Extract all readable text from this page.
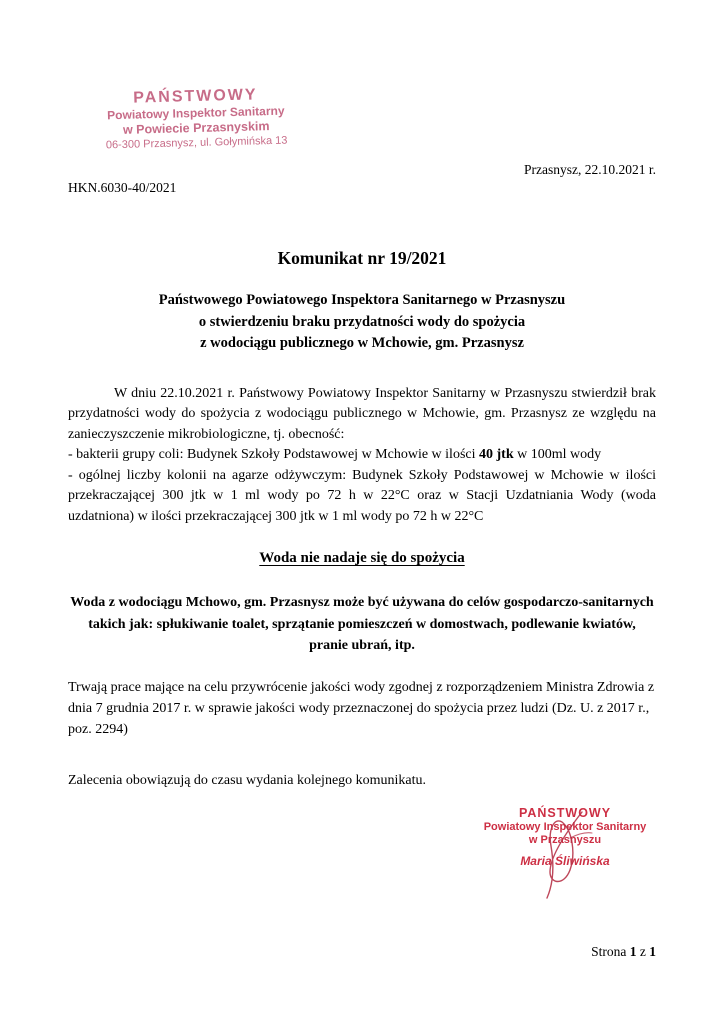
PAŃSTWOWY
Powiatowy Inspektor Sanitarny
w Powiecie Przasnyskim
06-300 Przasnysz, ul. Gołymińska 13
Przasnysz, 22.10.2021 r.
HKN.6030-40/2021
Komunikat nr 19/2021
Państwowego Powiatowego Inspektora Sanitarnego w Przasnyszu
o stwierdzeniu braku przydatności wody do spożycia
z wodociągu publicznego w Mchowie, gm. Przasnysz

W dniu 22.10.2021 r. Państwowy Powiatowy Inspektor Sanitarny w Przasnyszu stwierdził brak przydatności wody do spożycia z wodociągu publicznego w Mchowie, gm. Przasnysz ze względu na zanieczyszczenie mikrobiologiczne, tj. obecność:

- bakterii grupy coli: Budynek Szkoły Podstawowej w Mchowie w ilości 40 jtk w 100ml wody

- ogólnej liczby kolonii na agarze odżywczym: Budynek Szkoły Podstawowej w Mchowie w ilości przekraczającej 300 jtk w 1 ml wody po 72 h w 22°C oraz w Stacji Uzdatniania Wody (woda uzdatniona) w ilości przekraczającej 300 jtk w 1 ml wody po 72 h w 22°C

Woda nie nadaje się do spożycia
Woda z wodociągu Mchowo, gm. Przasnysz może być używana do celów gospodarczo-sanitarnych takich jak: spłukiwanie toalet, sprzątanie pomieszczeń w domostwach, podlewanie kwiatów, pranie ubrań, itp.
Trwają prace mające na celu przywrócenie jakości wody zgodnej z rozporządzeniem Ministra Zdrowia z dnia 7 grudnia 2017 r. w sprawie jakości wody przeznaczonej do spożycia przez ludzi (Dz. U. z 2017 r., poz. 2294)
Zalecenia obowiązują do czasu wydania kolejnego komunikatu.
PAŃSTWOWY
Powiatowy Inspektor Sanitarny
w Przasnyszu
Maria Śliwińska
Strona 1 z 1
